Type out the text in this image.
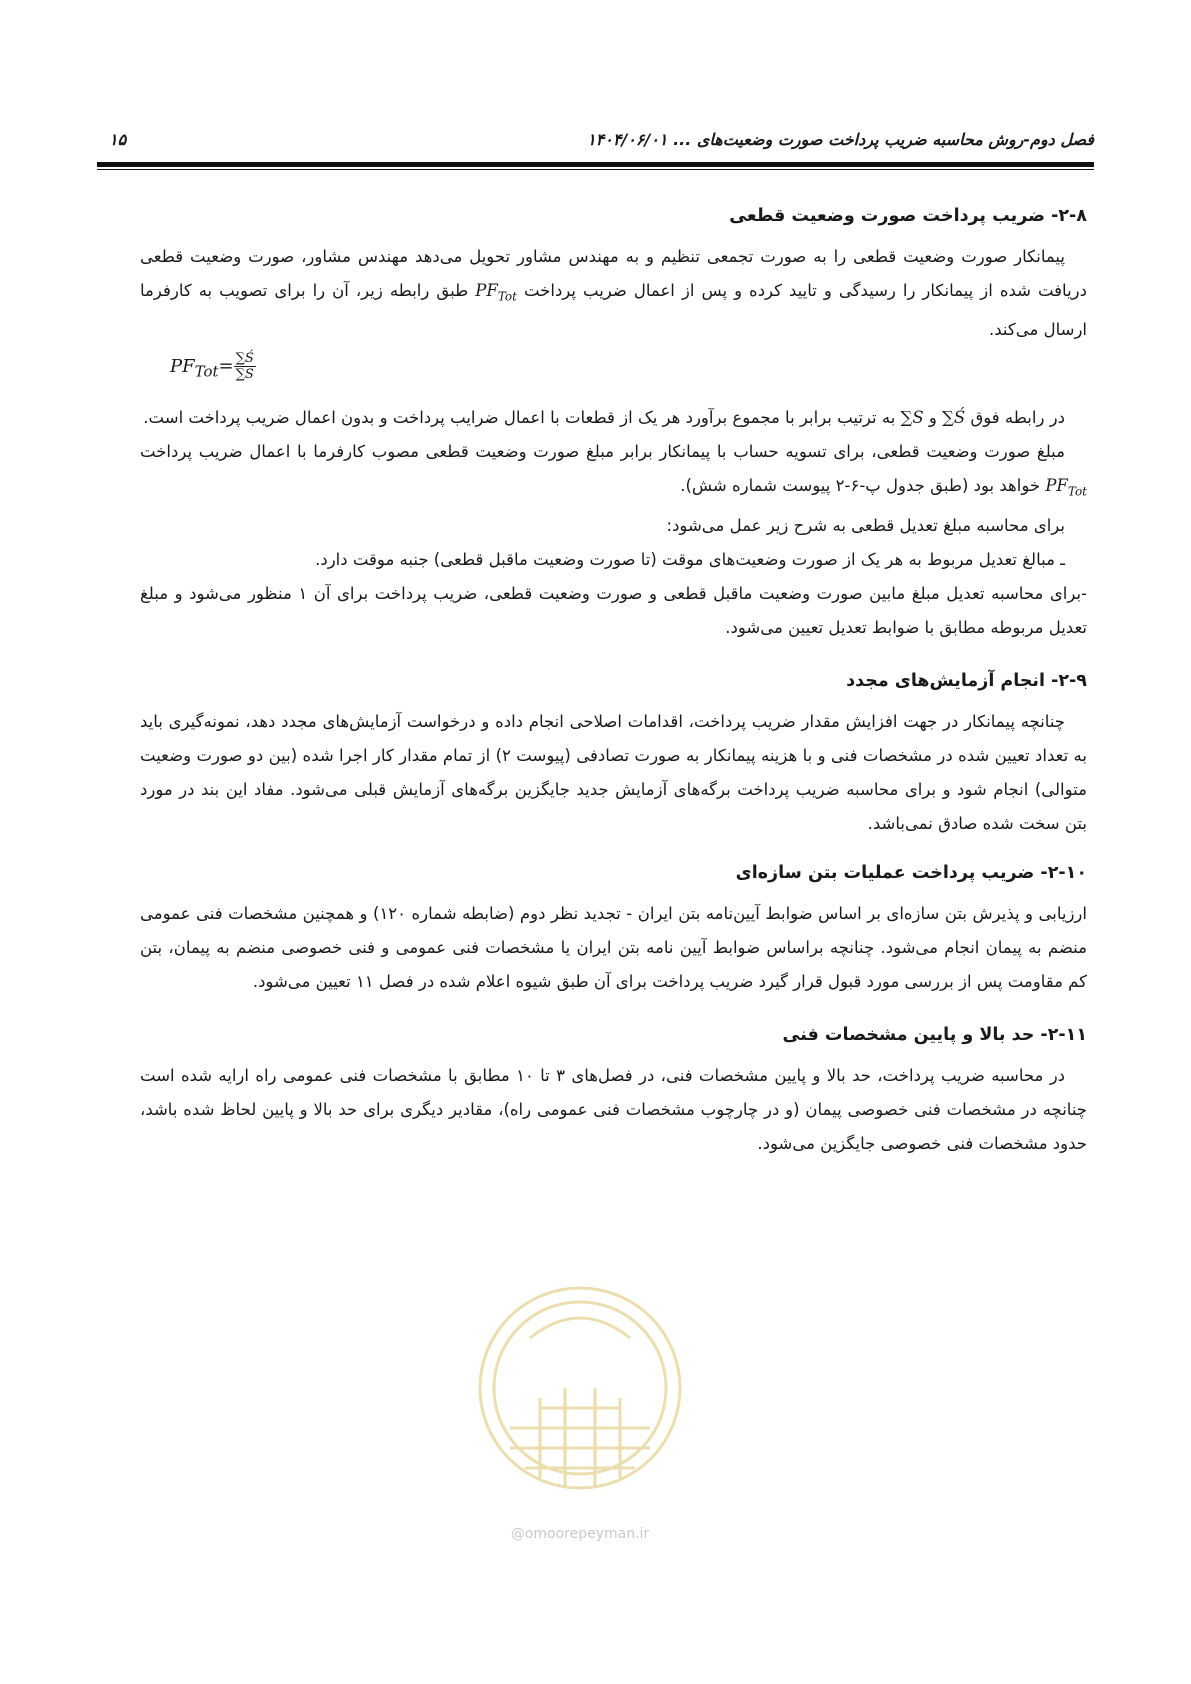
فصل دوم-روش محاسبه ضریب پرداخت صورت وضعیت‌های ... ۱۴۰۴/۰۶/۰۱
۱۵
۲-۸- ضریب پرداخت صورت وضعیت قطعی

پیمانکار صورت وضعیت قطعی را به صورت تجمعی تنظیم و به مهندس مشاور تحویل می‌دهد مهندس مشاور، صورت وضعیت قطعی دریافت شده از پیمانکار را رسیدگی و تایید کرده و پس از اعمال ضریب پرداخت $PF_{Tot}$ طبق رابطه زیر، آن را برای تصویب به کارفرما ارسال می‌کند.

$PF_{Tot}= \frac{\sum Ś}{\sum S}$

در رابطه فوق ∑Ś و ∑S به ترتیب برابر با مجموع برآورد هر یک از قطعات با اعمال ضرایب پرداخت و بدون اعمال ضریب پرداخت است.

مبلغ صورت وضعیت قطعی، برای تسویه حساب با پیمانکار برابر مبلغ صورت وضعیت قطعی مصوب کارفرما با اعمال ضریب پرداخت $PF_{Tot}$ خواهد بود (طبق جدول پ-۶-۲ پیوست شماره شش).

برای محاسبه مبلغ تعدیل قطعی به شرح زیر عمل می‌شود:

ـ مبالغ تعدیل مربوط به هر یک از صورت وضعیت‌های موقت (تا صورت وضعیت ماقبل قطعی) جنبه موقت دارد.

-برای محاسبه تعدیل مبلغ مابین صورت وضعیت ماقبل قطعی و صورت وضعیت قطعی، ضریب پرداخت برای آن ۱ منظور می‌شود و مبلغ تعدیل مربوطه مطابق با ضوابط تعدیل تعیین می‌شود.

۲-۹- انجام آزمایش‌های مجدد

چنانچه پیمانکار در جهت افزایش مقدار ضریب پرداخت، اقدامات اصلاحی انجام داده و درخواست آزمایش‌های مجدد دهد، نمونه‌گیری باید به تعداد تعیین شده در مشخصات فنی و با هزینه پیمانکار به صورت تصادفی (پیوست ۲) از تمام مقدار کار اجرا شده (بین دو صورت وضعیت متوالی) انجام شود و برای محاسبه ضریب پرداخت برگه‌های آزمایش جدید جایگزین برگه‌های آزمایش قبلی می‌شود. مفاد این بند در مورد بتن سخت شده صادق نمی‌باشد.

۲-۱۰- ضریب پرداخت عملیات بتن سازه‌ای

ارزیابی و پذیرش بتن سازه‌ای بر اساس ضوابط آیین‌نامه بتن ایران - تجدید نظر دوم (ضابطه شماره ۱۲۰) و همچنین مشخصات فنی عمومی منضم به پیمان انجام می‌شود. چنانچه براساس ضوابط آیین نامه بتن ایران یا مشخصات فنی عمومی و فنی خصوصی منضم به پیمان، بتن کم مقاومت پس از بررسی مورد قبول قرار گیرد ضریب پرداخت برای آن طبق شیوه اعلام شده در فصل ۱۱ تعیین می‌شود.

۲-۱۱- حد بالا و پایین مشخصات فنی

در محاسبه ضریب پرداخت، حد بالا و پایین مشخصات فنی، در فصل‌های ۳ تا ۱۰ مطابق با مشخصات فنی عمومی راه ارایه شده است چنانچه در مشخصات فنی خصوصی پیمان (و در چارچوب مشخصات فنی عمومی راه)، مقادیر دیگری برای حد بالا و پایین لحاظ شده باشد، حدود مشخصات فنی خصوصی جایگزین می‌شود.

@omoorepeyman.ir
